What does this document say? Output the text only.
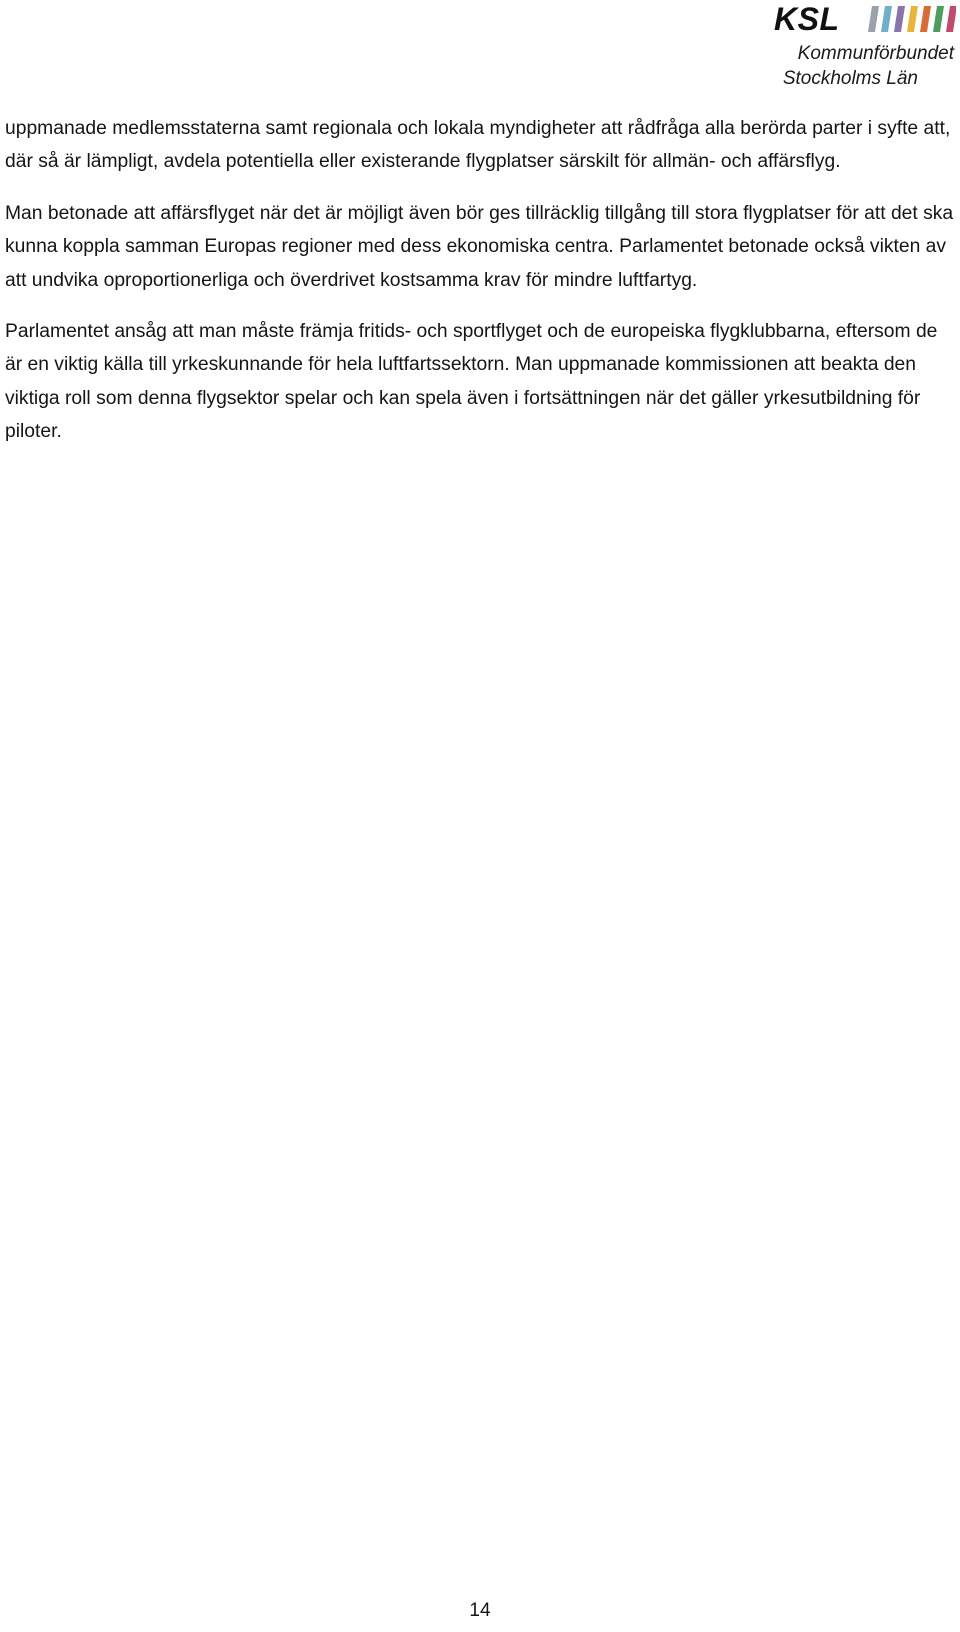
KSL
Kommunförbundet
Stockholms Län

uppmanade medlemsstaterna samt regionala och lokala myndigheter att rådfråga alla berörda parter i syfte att, där så är lämpligt, avdela potentiella eller existerande flygplatser särskilt för allmän- och affärsflyg.

Man betonade att affärsflyget när det är möjligt även bör ges tillräcklig tillgång till stora flygplatser för att det ska kunna koppla samman Europas regioner med dess ekonomiska centra. Parlamentet betonade också vikten av att undvika oproportionerliga och överdrivet kostsamma krav för mindre luftfartyg.

Parlamentet ansåg att man måste främja fritids- och sportflyget och de europeiska flygklubbarna, eftersom de är en viktig källa till yrkeskunnande för hela luftfartssektorn. Man uppmanade kommissionen att beakta den viktiga roll som denna flygsektor spelar och kan spela även i fortsättningen när det gäller yrkesutbildning för piloter.

14
